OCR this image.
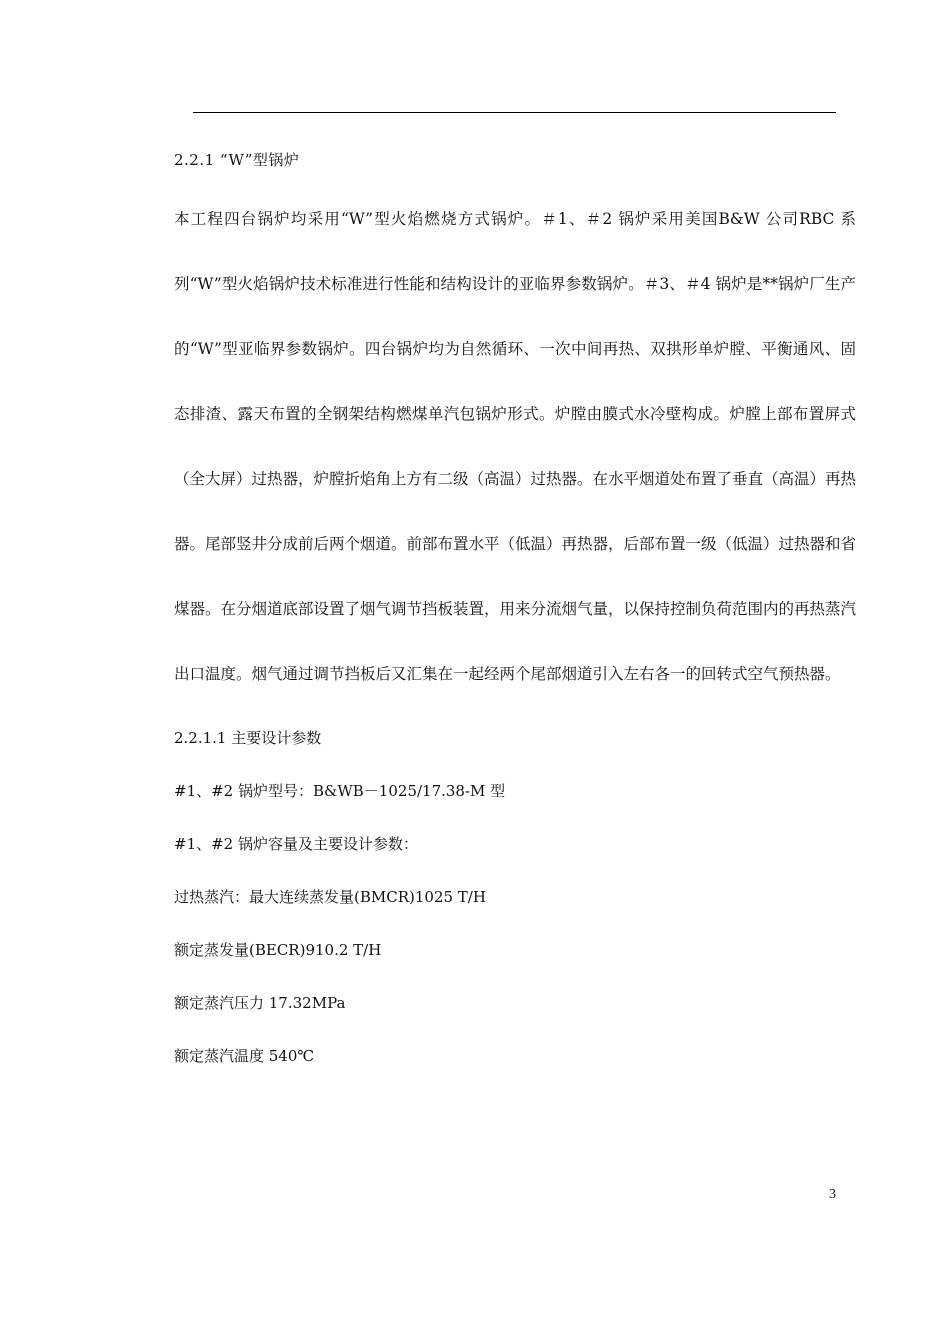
2.2.1 “W”型锅炉

本工程四台锅炉均采用“W”型火焰燃烧方式锅炉。＃1、＃2 锅炉采用美国B&W 公司RBC 系列“W”型火焰锅炉技术标准进行性能和结构设计的亚临界参数锅炉。＃3、＃4 锅炉是**锅炉厂生产的“W”型亚临界参数锅炉。四台锅炉均为自然循环、一次中间再热、双拱形单炉膛、平衡通风、固态排渣、露天布置的全钢架结构燃煤单汽包锅炉形式。炉膛由膜式水冷壁构成。炉膛上部布置屏式（全大屏）过热器，炉膛折焰角上方有二级（高温）过热器。在水平烟道处布置了垂直（高温）再热器。尾部竖井分成前后两个烟道。前部布置水平（低温）再热器，后部布置一级（低温）过热器和省煤器。在分烟道底部设置了烟气调节挡板装置，用来分流烟气量，以保持控制负荷范围内的再热蒸汽出口温度。烟气通过调节挡板后又汇集在一起经两个尾部烟道引入左右各一的回转式空气预热器。

2.2.1.1 主要设计参数

#1、#2 锅炉型号：B&WB－1025/17.38-M 型

#1、#2 锅炉容量及主要设计参数：

过热蒸汽：最大连续蒸发量(BMCR)1025 T/H

额定蒸发量(BECR)910.2 T/H

额定蒸汽压力 17.32MPa

额定蒸汽温度 540℃

3
